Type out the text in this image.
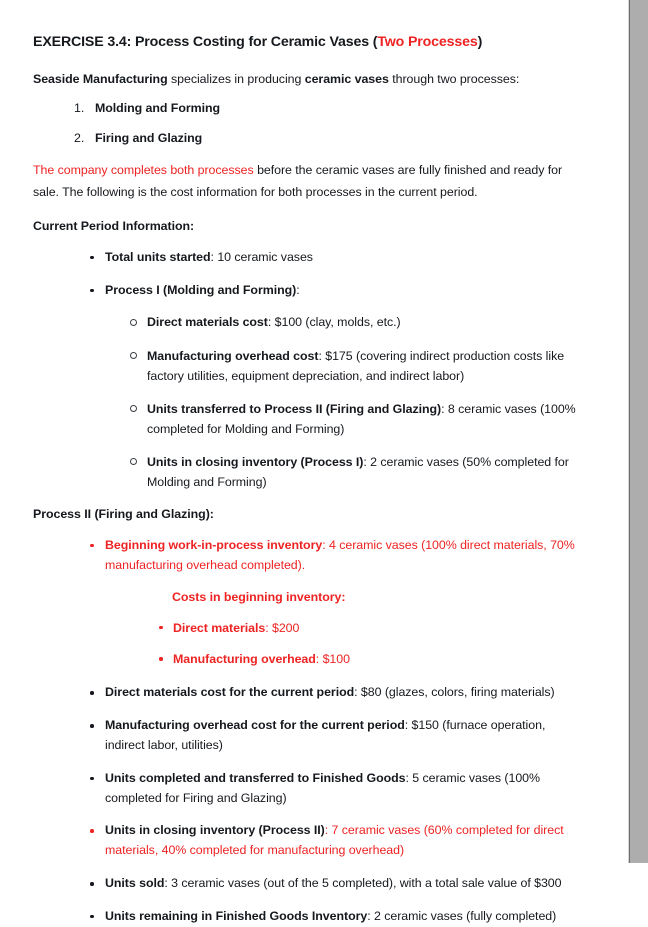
EXERCISE 3.4: Process Costing for Ceramic Vases (Two Processes)

Seaside Manufacturing specializes in producing ceramic vases through two processes:

Molding and Forming
Firing and Glazing

The company completes both processes before the ceramic vases are fully finished and ready for sale. The following is the cost information for both processes in the current period.

Current Period Information:
Total units started: 10 ceramic vases
Process I (Molding and Forming):
Direct materials cost: $100 (clay, molds, etc.)
Manufacturing overhead cost: $175 (covering indirect production costs like factory utilities, equipment depreciation, and indirect labor)
Units transferred to Process II (Firing and Glazing): 8 ceramic vases (100% completed for Molding and Forming)
Units in closing inventory (Process I): 2 ceramic vases (50% completed for Molding and Forming)
Process II (Firing and Glazing):
Beginning work-in-process inventory: 4 ceramic vases (100% direct materials, 70% manufacturing overhead completed).
Costs in beginning inventory:
Direct materials: $200
Manufacturing overhead: $100
Direct materials cost for the current period: $80 (glazes, colors, firing materials)
Manufacturing overhead cost for the current period: $150 (furnace operation, indirect labor, utilities)
Units completed and transferred to Finished Goods: 5 ceramic vases (100% completed for Firing and Glazing)
Units in closing inventory (Process II): 7 ceramic vases (60% completed for direct materials, 40% completed for manufacturing overhead)
Units sold: 3 ceramic vases (out of the 5 completed), with a total sale value of $300
Units remaining in Finished Goods Inventory: 2 ceramic vases (fully completed)
